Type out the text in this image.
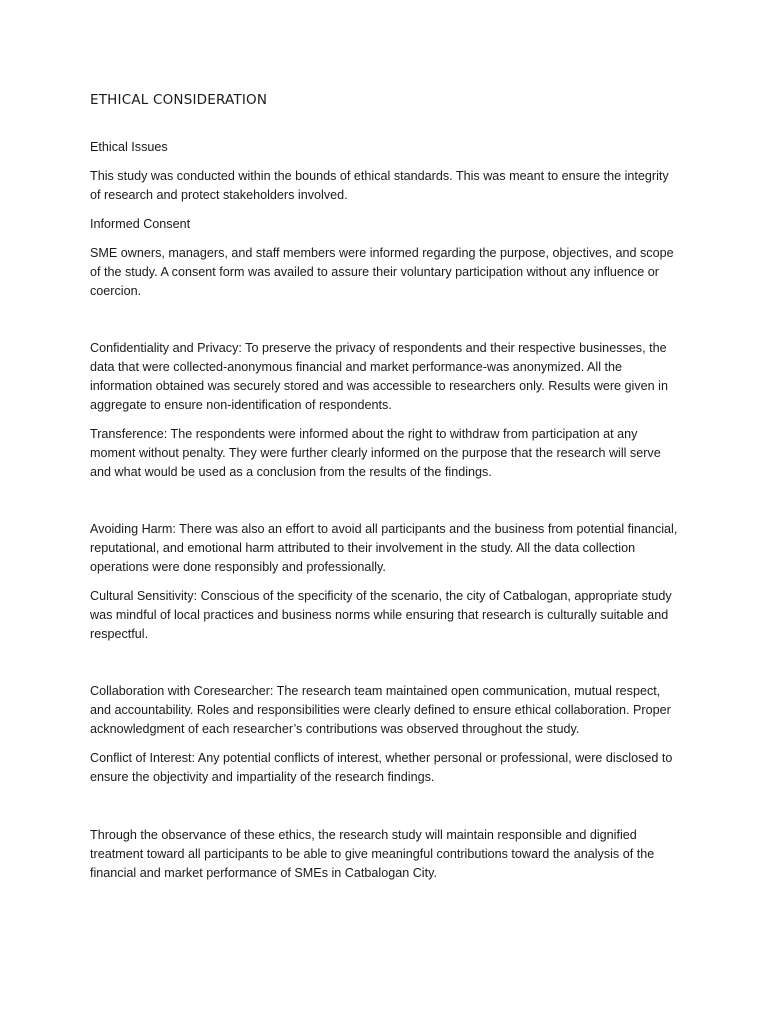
ETHICAL CONSIDERATION

Ethical Issues

This study was conducted within the bounds of ethical standards. This was meant to ensure the integrity of research and protect stakeholders involved.

Informed Consent

SME owners, managers, and staff members were informed regarding the purpose, objectives, and scope of the study. A consent form was availed to assure their voluntary participation without any influence or coercion.

Confidentiality and Privacy: To preserve the privacy of respondents and their respective businesses, the data that were collected-anonymous financial and market performance-was anonymized. All the information obtained was securely stored and was accessible to researchers only. Results were given in aggregate to ensure non-identification of respondents.

Transference: The respondents were informed about the right to withdraw from participation at any moment without penalty. They were further clearly informed on the purpose that the research will serve and what would be used as a conclusion from the results of the findings.

Avoiding Harm: There was also an effort to avoid all participants and the business from potential financial, reputational, and emotional harm attributed to their involvement in the study. All the data collection operations were done responsibly and professionally.

Cultural Sensitivity: Conscious of the specificity of the scenario, the city of Catbalogan, appropriate study was mindful of local practices and business norms while ensuring that research is culturally suitable and respectful.

Collaboration with Coresearcher: The research team maintained open communication, mutual respect, and accountability. Roles and responsibilities were clearly defined to ensure ethical collaboration. Proper acknowledgment of each researcher’s contributions was observed throughout the study.

Conflict of Interest: Any potential conflicts of interest, whether personal or professional, were disclosed to ensure the objectivity and impartiality of the research findings.

Through the observance of these ethics, the research study will maintain responsible and dignified treatment toward all participants to be able to give meaningful contributions toward the analysis of the financial and market performance of SMEs in Catbalogan City.
